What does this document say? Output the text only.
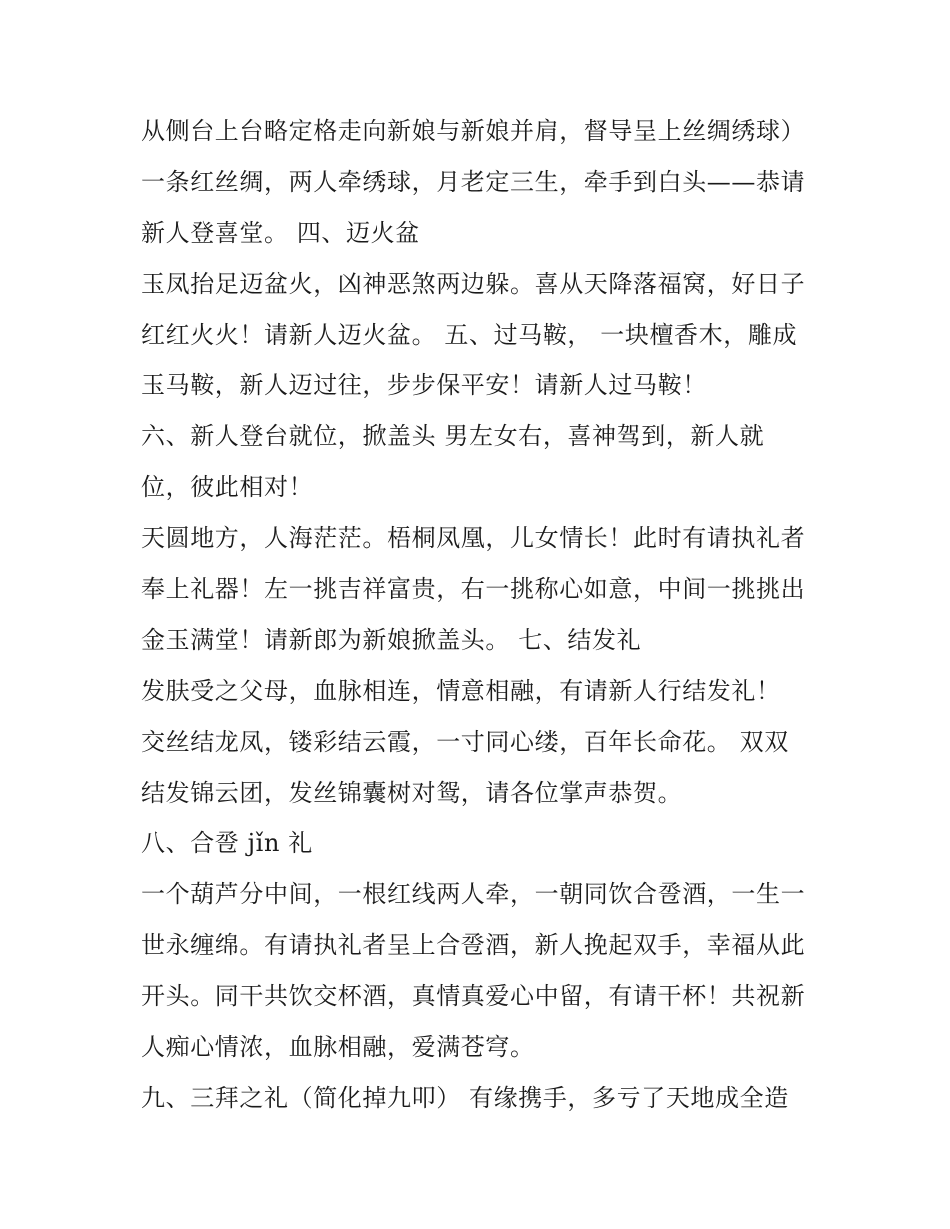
从侧台上台略定格走向新娘与新娘并肩，督导呈上丝绸绣球）
一条红丝绸，两人牵绣球，月老定三生，牵手到白头——恭请
新人登喜堂。 四、迈火盆
玉凤抬足迈盆火，凶神恶煞两边躲。喜从天降落福窝，好日子
红红火火！请新人迈火盆。 五、过马鞍， 一块檀香木，雕成
玉马鞍，新人迈过往，步步保平安！请新人过马鞍！
六、新人登台就位，掀盖头 男左女右，喜神驾到，新人就
位，彼此相对！
天圆地方，人海茫茫。梧桐凤凰，儿女情长！此时有请执礼者
奉上礼器！左一挑吉祥富贵，右一挑称心如意，中间一挑挑出
金玉满堂！请新郎为新娘掀盖头。 七、结发礼
发肤受之父母，血脉相连，情意相融，有请新人行结发礼！
交丝结龙凤，镂彩结云霞，一寸同心缕，百年长命花。 双双
结发锦云团，发丝锦囊树对鸳，请各位掌声恭贺。
八、合卺 jǐn 礼
一个葫芦分中间，一根红线两人牵，一朝同饮合卺酒，一生一
世永缠绵。有请执礼者呈上合卺酒，新人挽起双手，幸福从此
开头。同干共饮交杯酒，真情真爱心中留，有请干杯！共祝新
人痴心情浓，血脉相融，爱满苍穹。
九、三拜之礼（简化掉九叩） 有缘携手，多亏了天地成全造
